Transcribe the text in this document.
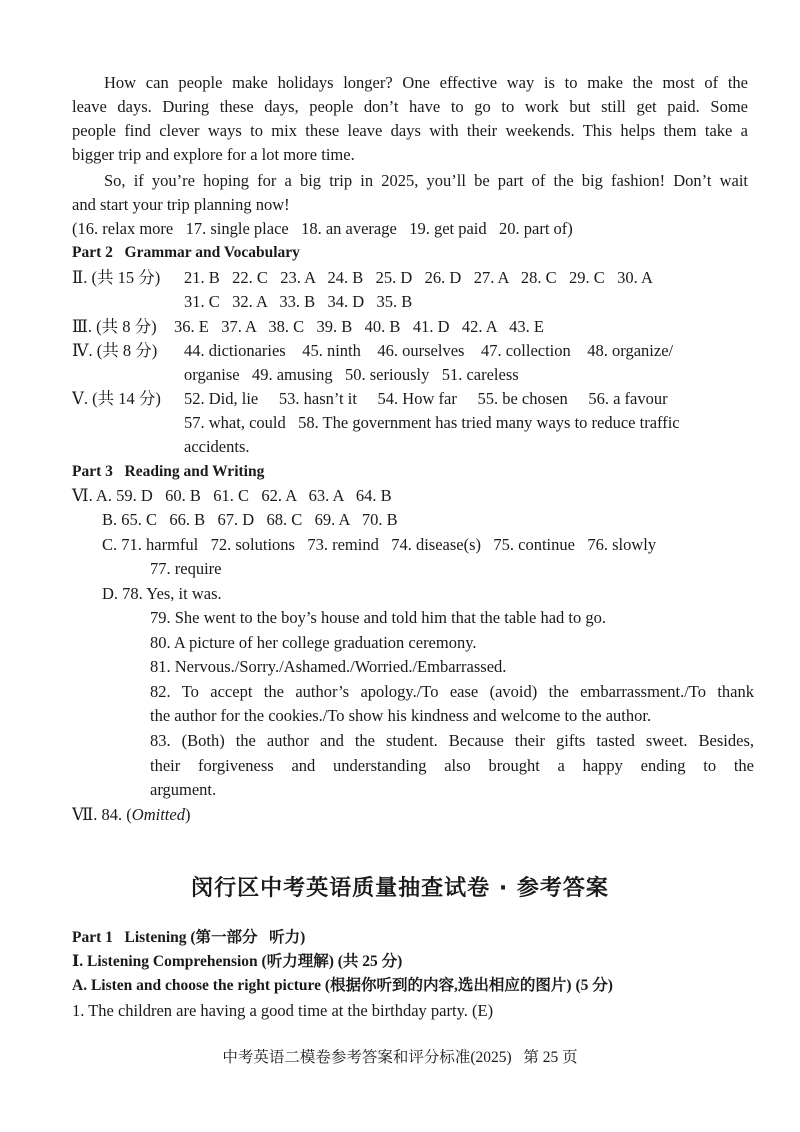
How can people make holidays longer? One effective way is to make the most of the
leave days. During these days, people don’t have to go to work but still get paid. Some
people find clever ways to mix these leave days with their weekends. This helps them take a
bigger trip and explore for a lot more time.
So, if you’re hoping for a big trip in 2025, you’ll be part of the big fashion! Don’t wait
and start your trip planning now!
(16. relax more   17. single place   18. an average   19. get paid   20. part of)
Part 2   Grammar and Vocabulary
Ⅱ. (共 15 分) 21. B   22. C   23. A   24. B   25. D   26. D   27. A   28. C   29. C   30. A
31. C   32. A   33. B   34. D   35. B
Ⅲ. (共 8 分) 36. E   37. A   38. C   39. B   40. B   41. D   42. A   43. E
Ⅳ. (共 8 分) 44. dictionaries    45. ninth    46. ourselves    47. collection    48. organize/
organise   49. amusing   50. seriously   51. careless
Ⅴ. (共 14 分) 52. Did, lie     53. hasn’t it     54. How far     55. be chosen     56. a favour
57. what, could   58. The government has tried many ways to reduce traffic
accidents.
Part 3   Reading and Writing
Ⅵ. A. 59. D   60. B   61. C   62. A   63. A   64. B
B. 65. C   66. B   67. D   68. C   69. A   70. B
C. 71. harmful   72. solutions   73. remind   74. disease(s)   75. continue   76. slowly
77. require
D. 78. Yes, it was.
79. She went to the boy’s house and told him that the table had to go.
80. A picture of her college graduation ceremony.
81. Nervous./Sorry./Ashamed./Worried./Embarrassed.
82. To accept the author’s apology./To ease (avoid) the embarrassment./To thank
the author for the cookies./To show his kindness and welcome to the author.
83. (Both) the author and the student. Because their gifts tasted sweet. Besides,
their forgiveness and understanding also brought a happy ending to the
argument.
Ⅶ. 84. (Omitted)
闵行区中考英语质量抽查试卷 · 参考答案
Part 1   Listening (第一部分   听力)
Ⅰ. Listening Comprehension (听力理解) (共 25 分)
A. Listen and choose the right picture (根据你听到的内容,选出相应的图片) (5 分)
1. The children are having a good time at the birthday party. (E)
中考英语二模卷参考答案和评分标准(2025)   第 25 页
